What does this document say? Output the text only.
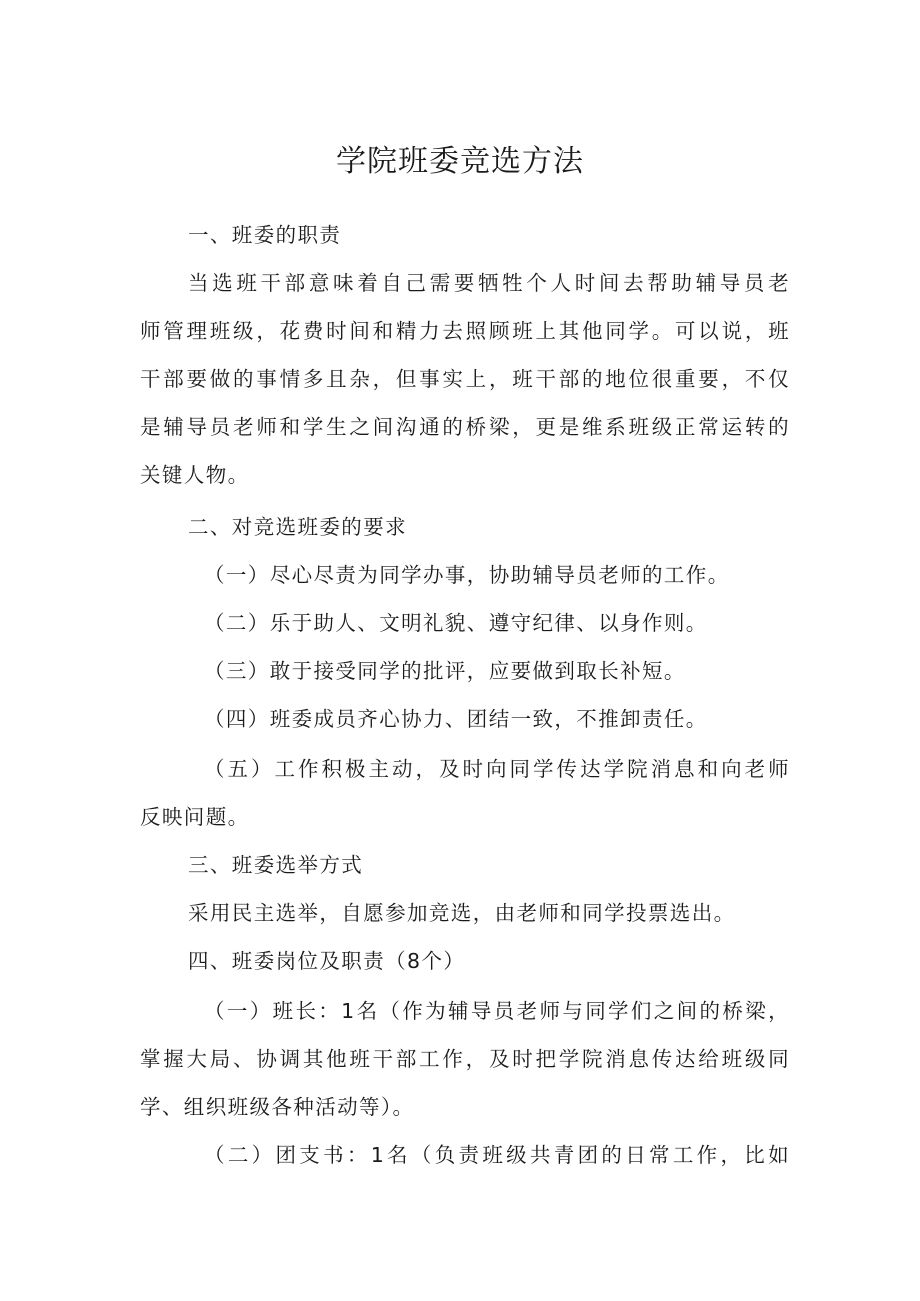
学院班委竞选方法
一、班委的职责
当选班干部意味着自己需要牺牲个人时间去帮助辅导员老
师管理班级，花费时间和精力去照顾班上其他同学。可以说，班
干部要做的事情多且杂，但事实上，班干部的地位很重要，不仅
是辅导员老师和学生之间沟通的桥梁，更是维系班级正常运转的
关键人物。
二、对竞选班委的要求
（一）尽心尽责为同学办事，协助辅导员老师的工作。
（二）乐于助人、文明礼貌、遵守纪律、以身作则。
（三）敢于接受同学的批评，应要做到取长补短。
（四）班委成员齐心协力、团结一致，不推卸责任。
（五）工作积极主动，及时向同学传达学院消息和向老师
反映问题。
三、班委选举方式
采用民主选举，自愿参加竞选，由老师和同学投票选出。
四、班委岗位及职责（8个）
（一）班长：1名（作为辅导员老师与同学们之间的桥梁，
掌握大局、协调其他班干部工作，及时把学院消息传达给班级同
学、组织班级各种活动等）。
（二）团支书：1名（负责班级共青团的日常工作，比如
